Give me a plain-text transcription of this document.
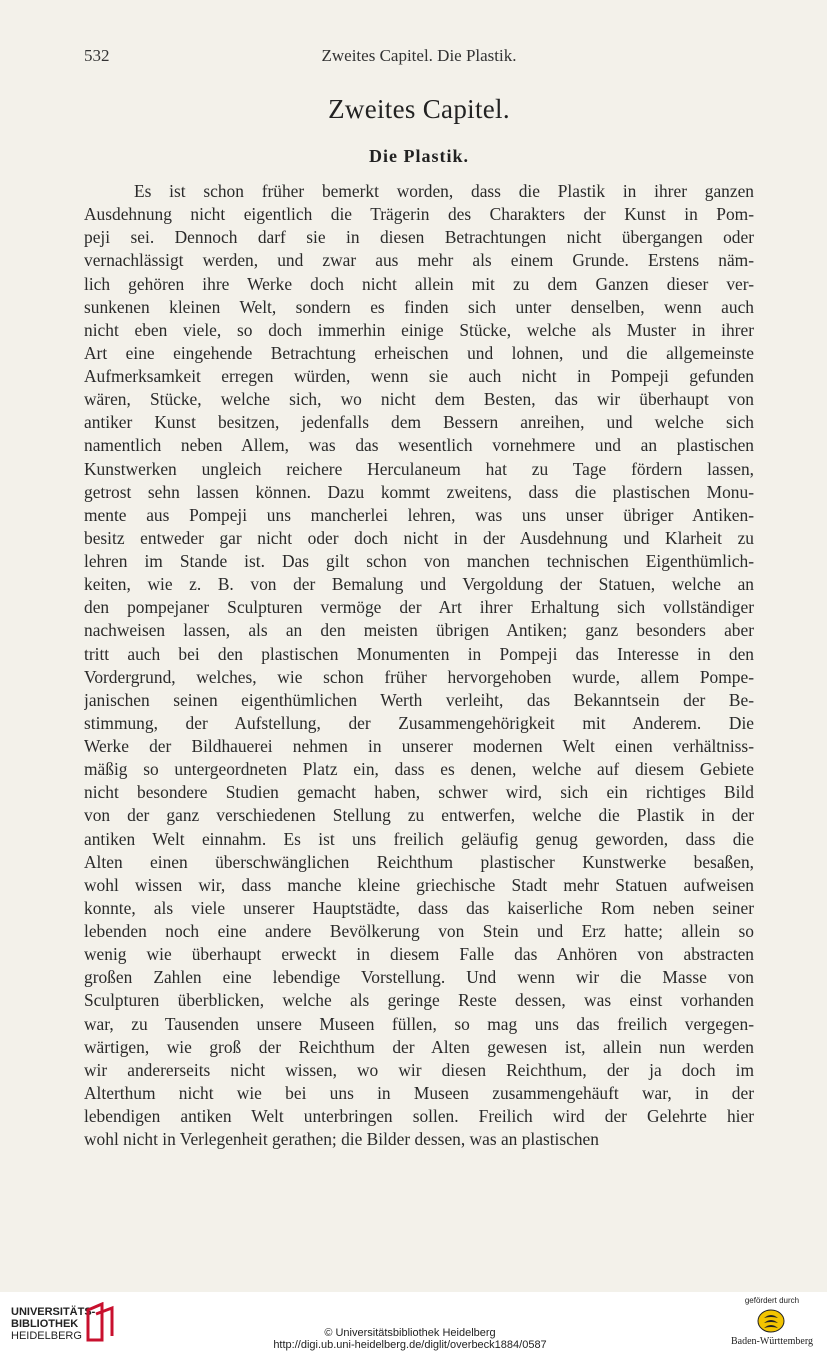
532	Zweites Capitel. Die Plastik.
Zweites Capitel.
Die Plastik.
Es ist schon früher bemerkt worden, dass die Plastik in ihrer ganzen
Ausdehnung nicht eigentlich die Trägerin des Charakters der Kunst in Pom-
peji sei. Dennoch darf sie in diesen Betrachtungen nicht übergangen oder
vernachlässigt werden, und zwar aus mehr als einem Grunde. Erstens näm-
lich gehören ihre Werke doch nicht allein mit zu dem Ganzen dieser ver-
sunkenen kleinen Welt, sondern es finden sich unter denselben, wenn auch
nicht eben viele, so doch immerhin einige Stücke, welche als Muster in ihrer
Art eine eingehende Betrachtung erheischen und lohnen, und die allgemeinste
Aufmerksamkeit erregen würden, wenn sie auch nicht in Pompeji gefunden
wären, Stücke, welche sich, wo nicht dem Besten, das wir überhaupt von
antiker Kunst besitzen, jedenfalls dem Bessern anreihen, und welche sich
namentlich neben Allem, was das wesentlich vornehmere und an plastischen
Kunstwerken ungleich reichere Herculaneum hat zu Tage fördern lassen,
getrost sehn lassen können. Dazu kommt zweitens, dass die plastischen Monu-
mente aus Pompeji uns mancherlei lehren, was uns unser übriger Antiken-
besitz entweder gar nicht oder doch nicht in der Ausdehnung und Klarheit zu
lehren im Stande ist. Das gilt schon von manchen technischen Eigenthümlich-
keiten, wie z. B. von der Bemalung und Vergoldung der Statuen, welche an
den pompejaner Sculpturen vermöge der Art ihrer Erhaltung sich vollständiger
nachweisen lassen, als an den meisten übrigen Antiken; ganz besonders aber
tritt auch bei den plastischen Monumenten in Pompeji das Interesse in den
Vordergrund, welches, wie schon früher hervorgehoben wurde, allem Pompe-
janischen seinen eigenthümlichen Werth verleiht, das Bekanntsein der Be-
stimmung, der Aufstellung, der Zusammengehörigkeit mit Anderem. Die
Werke der Bildhauerei nehmen in unserer modernen Welt einen verhältniss-
mäßig so untergeordneten Platz ein, dass es denen, welche auf diesem Gebiete
nicht besondere Studien gemacht haben, schwer wird, sich ein richtiges Bild
von der ganz verschiedenen Stellung zu entwerfen, welche die Plastik in der
antiken Welt einnahm. Es ist uns freilich geläufig genug geworden, dass die
Alten einen überschwänglichen Reichthum plastischer Kunstwerke besaßen,
wohl wissen wir, dass manche kleine griechische Stadt mehr Statuen aufweisen
konnte, als viele unserer Hauptstädte, dass das kaiserliche Rom neben seiner
lebenden noch eine andere Bevölkerung von Stein und Erz hatte; allein so
wenig wie überhaupt erweckt in diesem Falle das Anhören von abstracten
großen Zahlen eine lebendige Vorstellung. Und wenn wir die Masse von
Sculpturen überblicken, welche als geringe Reste dessen, was einst vorhanden
war, zu Tausenden unsere Museen füllen, so mag uns das freilich vergegen-
wärtigen, wie groß der Reichthum der Alten gewesen ist, allein nun werden
wir andererseits nicht wissen, wo wir diesen Reichthum, der ja doch im
Alterthum nicht wie bei uns in Museen zusammengehäuft war, in der
lebendigen antiken Welt unterbringen sollen. Freilich wird der Gelehrte hier
wohl nicht in Verlegenheit gerathen; die Bilder dessen, was an plastischen
UNIVERSITÄTS-
BIBLIOTHEK
HEIDELBERG	© Universitätsbibliothek Heidelberg
http://digi.ub.uni-heidelberg.de/diglit/overbeck1884/0587
gefördert durch
Baden-Württemberg
